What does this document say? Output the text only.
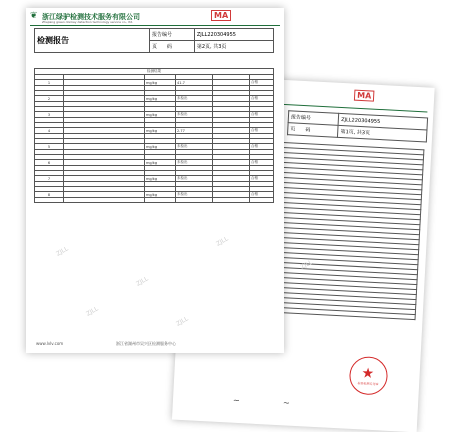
MA
报告编号	ZJLL220304955
页　　码	第1页, 共3页

ZJLL
★
检验检测专用章
~	~
❦ 浙江绿驴检测技术服务有限公司
Zhejiang green donkey detection technology service co., ltd.
MA
检测报告	报告编号	ZJLL220304955
	页　　码	第2页, 共3页
检测结果					

1		mg/kg	41.7		合格

2		mg/kg	未检出		合格

3		mg/kg	未检出		合格

4		mg/kg	2.77		合格

5		mg/kg	未检出		合格

6		mg/kg	未检出		合格

7		mg/kg	未检出		合格

8		mg/kg	未检出		合格

ZJLL
ZJLL
ZJLL
ZJLL
ZJLL
www.lvlv.com	浙江省湖州市吴兴区检测服务中心
